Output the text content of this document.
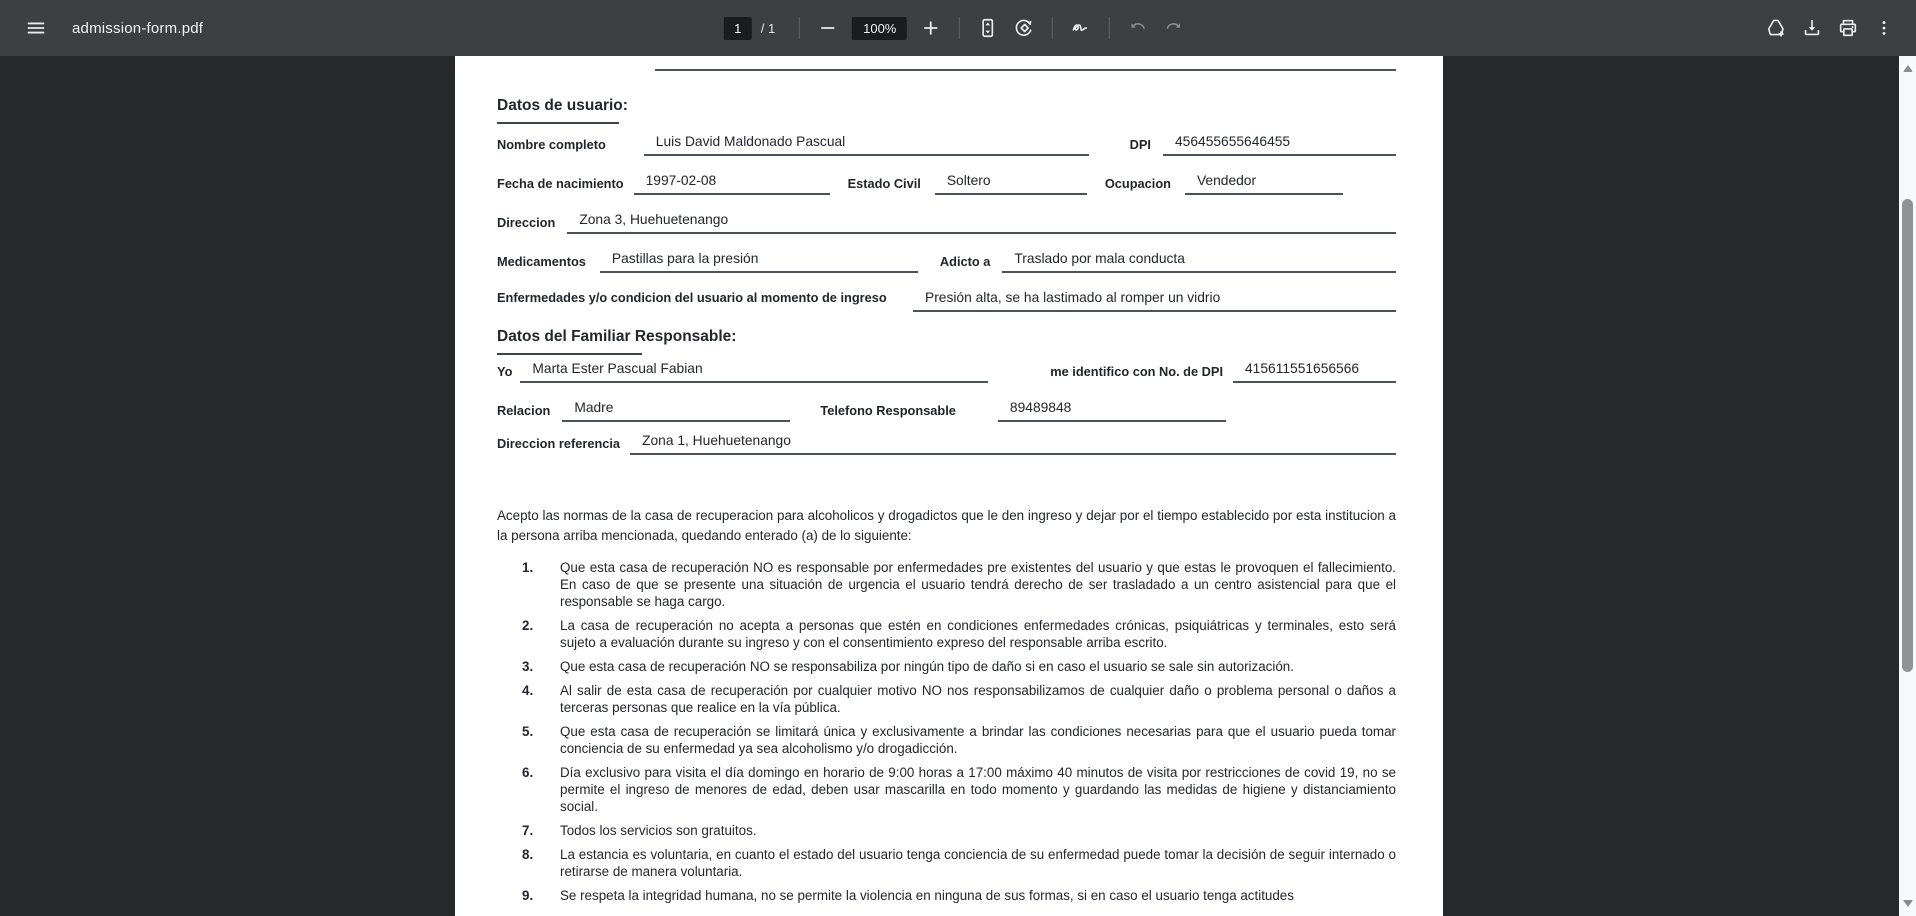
admission-form.pdf
1	/ 1
100%
Datos de usuario:
Nombre completo	Luis David Maldonado Pascual	DPI	456455655646455
Fecha de nacimiento	1997-02-08	Estado Civil	Soltero	Ocupacion	Vendedor
Direccion	Zona 3, Huehuetenango
Medicamentos	Pastillas para la presión	Adicto a	Traslado por mala conducta
Enfermedades y/o condicion del usuario al momento de ingreso	Presión alta, se ha lastimado al romper un vidrio
Datos del Familiar Responsable:
Yo	Marta Ester Pascual Fabian	me identifico con No. de DPI	415611551656566
Relacion	Madre	Telefono Responsable	89489848
Direccion referencia	Zona 1, Huehuetenango

Acepto las normas de la casa de recuperacion para alcoholicos y drogadictos que le den ingreso y dejar por el tiempo establecido por esta institucion a la persona arriba mencionada, quedando enterado (a) de lo siguiente:

1.	Que esta casa de recuperación NO es responsable por enfermedades pre existentes del usuario y que estas le provoquen el fallecimiento. En caso de que se presente una situación de urgencia el usuario tendrá derecho de ser trasladado a un centro asistencial para que el responsable se haga cargo.
2.	La casa de recuperación no acepta a personas que estén en condiciones enfermedades crónicas, psiquiátricas y terminales, esto será sujeto a evaluación durante su ingreso y con el consentimiento expreso del responsable arriba escrito.
3.	Que esta casa de recuperación NO se responsabiliza por ningún tipo de daño si en caso el usuario se sale sin autorización.
4.	Al salir de esta casa de recuperación por cualquier motivo NO nos responsabilizamos de cualquier daño o problema personal o daños a terceras personas que realice en la vía pública.
5.	Que esta casa de recuperación se limitará única y exclusivamente a brindar las condiciones necesarias para que el usuario pueda tomar conciencia de su enfermedad ya sea alcoholismo y/o drogadicción.
6.	Día exclusivo para visita el día domingo en horario de 9:00 horas a 17:00 máximo 40 minutos de visita por restricciones de covid 19, no se permite el ingreso de menores de edad, deben usar mascarilla en todo momento y guardando las medidas de higiene y distanciamiento social.
7.	Todos los servicios son gratuitos.
8.	La estancia es voluntaria, en cuanto el estado del usuario tenga conciencia de su enfermedad puede tomar la decisión de seguir internado o retirarse de manera voluntaria.
9.	Se respeta la integridad humana, no se permite la violencia en ninguna de sus formas, si en caso el usuario tenga actitudes
